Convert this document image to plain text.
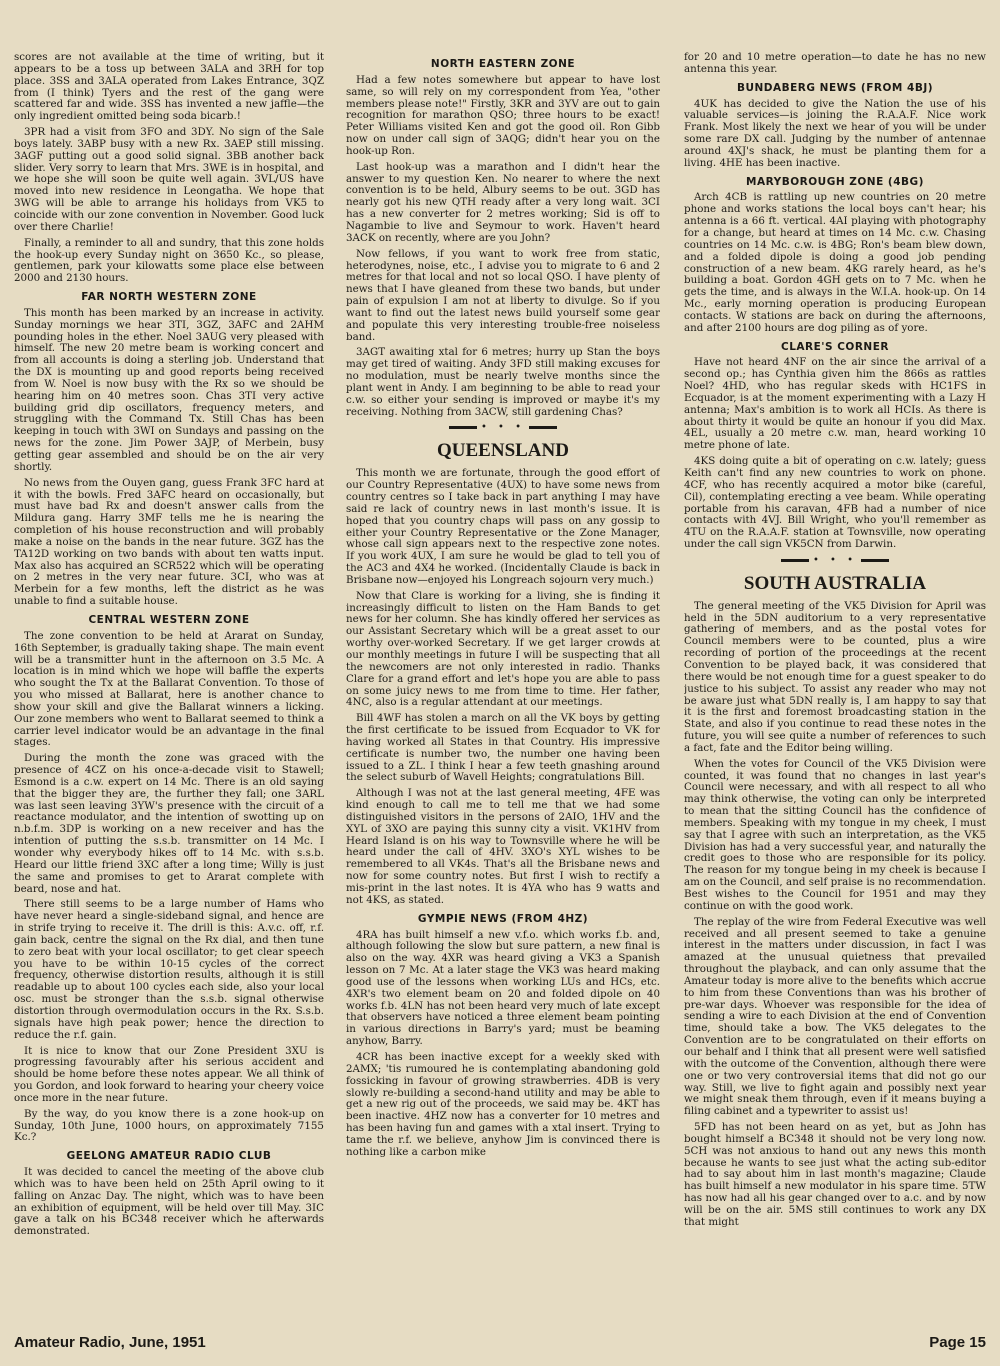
scores are not available at the time of writing, but it appears to be a toss up between 3ALA and 3RH for top place. 3SS and 3ALA operated from Lakes Entrance, 3QZ from (I think) Tyers and the rest of the gang were scattered far and wide. 3SS has invented a new jaffle—the only ingredient omitted being soda bicarb.!

3PR had a visit from 3FO and 3DY. No sign of the Sale boys lately. 3ABP busy with a new Rx. 3AEP still missing. 3AGF putting out a good solid signal. 3BB another back slider. Very sorry to learn that Mrs. 3WE is in hospital, and we hope she will soon be quite well again. 3VL/US have moved into new residence in Leongatha. We hope that 3WG will be able to arrange his holidays from VK5 to coincide with our zone convention in November. Good luck over there Charlie!

Finally, a reminder to all and sundry, that this zone holds the hook-up every Sunday night on 3650 Kc., so please, gentlemen, park your kilowatts some place else between 2000 and 2130 hours.

FAR NORTH WESTERN ZONE

This month has been marked by an increase in activity. Sunday mornings we hear 3TI, 3GZ, 3AFC and 2AHM pounding holes in the ether. Noel 3AUG very pleased with himself. The new 20 metre beam is working concert and from all accounts is doing a sterling job. Understand that the DX is mounting up and good reports being received from W. Noel is now busy with the Rx so we should be hearing him on 40 metres soon. Chas 3TI very active building grid dip oscillators, frequency meters, and struggling with the Command Tx. Still Chas has been keeping in touch with 3WI on Sundays and passing on the news for the zone. Jim Power 3AJP, of Merbein, busy getting gear assembled and should be on the air very shortly.

No news from the Ouyen gang, guess Frank 3FC hard at it with the bowls. Fred 3AFC heard on occasionally, but must have bad Rx and doesn't answer calls from the Mildura gang. Harry 3MF tells me he is nearing the completion of his house reconstruction and will probably make a noise on the bands in the near future. 3GZ has the TA12D working on two bands with about ten watts input. Max also has acquired an SCR522 which will be operating on 2 metres in the very near future. 3CI, who was at Merbein for a few months, left the district as he was unable to find a suitable house.

CENTRAL WESTERN ZONE

The zone convention to be held at Ararat on Sunday, 16th September, is gradually taking shape. The main event will be a transmitter hunt in the afternoon on 3.5 Mc. A location is in mind which we hope will baffle the experts who sought the Tx at the Ballarat Convention. To those of you who missed at Ballarat, here is another chance to show your skill and give the Ballarat winners a licking. Our zone members who went to Ballarat seemed to think a carrier level indicator would be an advantage in the final stages.

During the month the zone was graced with the presence of 4CZ on his once-a-decade visit to Stawell; Esmond is a c.w. expert on 14 Mc. There is an old saying that the bigger they are, the further they fall; one 3ARL was last seen leaving 3YW's presence with the circuit of a reactance modulator, and the intention of swotting up on n.b.f.m. 3DP is working on a new receiver and has the intention of putting the s.s.b. transmitter on 14 Mc. I wonder why everybody hikes off to 14 Mc. with s.s.b. Heard our little friend 3XC after a long time; Willy is just the same and promises to get to Ararat complete with beard, nose and hat.

There still seems to be a large number of Hams who have never heard a single-sideband signal, and hence are in strife trying to receive it. The drill is this: A.v.c. off, r.f. gain back, centre the signal on the Rx dial, and then tune to zero beat with your local oscillator; to get clear speech you have to be within 10-15 cycles of the correct frequency, otherwise distortion results, although it is still readable up to about 100 cycles each side, also your local osc. must be stronger than the s.s.b. signal otherwise distortion through overmodulation occurs in the Rx. S.s.b. signals have high peak power; hence the direction to reduce the r.f. gain.

It is nice to know that our Zone President 3XU is progressing favourably after his serious accident and should be home before these notes appear. We all think of you Gordon, and look forward to hearing your cheery voice once more in the near future.

By the way, do you know there is a zone hook-up on Sunday, 10th June, 1000 hours, on approximately 7155 Kc.?

GEELONG AMATEUR RADIO CLUB

It was decided to cancel the meeting of the above club which was to have been held on 25th April owing to it falling on Anzac Day. The night, which was to have been an exhibition of equipment, will be held over till May. 3IC gave a talk on his BC348 receiver which he afterwards demonstrated.

NORTH EASTERN ZONE

Had a few notes somewhere but appear to have lost same, so will rely on my correspondent from Yea, "other members please note!" Firstly, 3KR and 3YV are out to gain recognition for marathon QSO; three hours to be exact! Peter Williams visited Ken and got the good oil. Ron Gibb now on under call sign of 3AQG; didn't hear you on the hook-up Ron.

Last hook-up was a marathon and I didn't hear the answer to my question Ken. No nearer to where the next convention is to be held, Albury seems to be out. 3GD has nearly got his new QTH ready after a very long wait. 3CI has a new converter for 2 metres working; Sid is off to Nagambie to live and Seymour to work. Haven't heard 3ACK on recently, where are you John?

Now fellows, if you want to work free from static, heterodynes, noise, etc., I advise you to migrate to 6 and 2 metres for that local and not so local QSO. I have plenty of news that I have gleaned from these two bands, but under pain of expulsion I am not at liberty to divulge. So if you want to find out the latest news build yourself some gear and populate this very interesting trouble-free noiseless band.

3AGT awaiting xtal for 6 metres; hurry up Stan the boys may get tired of waiting. Andy 3FD still making excuses for no modulation, must be nearly twelve months since the plant went in Andy. I am beginning to be able to read your c.w. so either your sending is improved or maybe it's my receiving. Nothing from 3ACW, still gardening Chas?

• • •
QUEENSLAND

This month we are fortunate, through the good effort of our Country Representative (4UX) to have some news from country centres so I take back in part anything I may have said re lack of country news in last month's issue. It is hoped that you country chaps will pass on any gossip to either your Country Representative or the Zone Manager, whose call sign appears next to the respective zone notes. If you work 4UX, I am sure he would be glad to tell you of the AC3 and 4X4 he worked. (Incidentally Claude is back in Brisbane now—enjoyed his Longreach sojourn very much.)

Now that Clare is working for a living, she is finding it increasingly difficult to listen on the Ham Bands to get news for her column. She has kindly offered her services as our Assistant Secretary which will be a great asset to our worthy over-worked Secretary. If we get larger crowds at our monthly meetings in future I will be suspecting that all the newcomers are not only interested in radio. Thanks Clare for a grand effort and let's hope you are able to pass on some juicy news to me from time to time. Her father, 4NC, also is a regular attendant at our meetings.

Bill 4WF has stolen a march on all the VK boys by getting the first certificate to be issued from Ecquador to VK for having worked all States in that Country. His impressive certificate is number two, the number one having been issued to a ZL. I think I hear a few teeth gnashing around the select suburb of Wavell Heights; congratulations Bill.

Although I was not at the last general meeting, 4FE was kind enough to call me to tell me that we had some distinguished visitors in the persons of 2AIO, 1HV and the XYL of 3XO are paying this sunny city a visit. VK1HV from Heard Island is on his way to Townsville where he will be heard under the call of 4HV. 3XO's XYL wishes to be remembered to all VK4s. That's all the Brisbane news and now for some country notes. But first I wish to rectify a mis-print in the last notes. It is 4YA who has 9 watts and not 4KS, as stated.

GYMPIE NEWS (FROM 4HZ)

4RA has built himself a new v.f.o. which works f.b. and, although following the slow but sure pattern, a new final is also on the way. 4XR was heard giving a VK3 a Spanish lesson on 7 Mc. At a later stage the VK3 was heard making good use of the lessons when working LUs and HCs, etc. 4XR's two element beam on 20 and folded dipole on 40 works f.b. 4LN has not been heard very much of late except that observers have noticed a three element beam pointing in various directions in Barry's yard; must be beaming anyhow, Barry.

4CR has been inactive except for a weekly sked with 2AMX; 'tis rumoured he is contemplating abandoning gold fossicking in favour of growing strawberries. 4DB is very slowly re-building a second-hand utility and may be able to get a new rig out of the proceeds, we said may be. 4KT has been inactive. 4HZ now has a converter for 10 metres and has been having fun and games with a xtal insert. Trying to tame the r.f. we believe, anyhow Jim is convinced there is nothing like a carbon mike

for 20 and 10 metre operation—to date he has no new antenna this year.

BUNDABERG NEWS (FROM 4BJ)

4UK has decided to give the Nation the use of his valuable services—is joining the R.A.A.F. Nice work Frank. Most likely the next we hear of you will be under some rare DX call. Judging by the number of antennae around 4XJ's shack, he must be planting them for a living. 4HE has been inactive.

MARYBOROUGH ZONE (4BG)

Arch 4CB is rattling up new countries on 20 metre phone and works stations the local boys can't hear; his antenna is a 66 ft. vertical. 4AI playing with photography for a change, but heard at times on 14 Mc. c.w. Chasing countries on 14 Mc. c.w. is 4BG; Ron's beam blew down, and a folded dipole is doing a good job pending construction of a new beam. 4KG rarely heard, as he's building a boat. Gordon 4GH gets on to 7 Mc. when he gets the time, and is always in the W.I.A. hook-up. On 14 Mc., early morning operation is producing European contacts. W stations are back on during the afternoons, and after 2100 hours are dog piling as of yore.

CLARE'S CORNER

Have not heard 4NF on the air since the arrival of a second op.; has Cynthia given him the 866s as rattles Noel? 4HD, who has regular skeds with HC1FS in Ecquador, is at the moment experimenting with a Lazy H antenna; Max's ambition is to work all HCIs. As there is about thirty it would be quite an honour if you did Max. 4EL, usually a 20 metre c.w. man, heard working 10 metre phone of late.

4KS doing quite a bit of operating on c.w. lately; guess Keith can't find any new countries to work on phone. 4CF, who has recently acquired a motor bike (careful, Cil), contemplating erecting a vee beam. While operating portable from his caravan, 4FB had a number of nice contacts with 4VJ. Bill Wright, who you'll remember as 4TU on the R.A.A.F. station at Townsville, now operating under the call sign VK5CN from Darwin.

• • •
SOUTH AUSTRALIA

The general meeting of the VK5 Division for April was held in the 5DN auditorium to a very representative gathering of members, and as the postal votes for Council members were to be counted, plus a wire recording of portion of the proceedings at the recent Convention to be played back, it was considered that there would be not enough time for a guest speaker to do justice to his subject. To assist any reader who may not be aware just what 5DN really is, I am happy to say that it is the first and foremost broadcasting station in the State, and also if you continue to read these notes in the future, you will see quite a number of references to such a fact, fate and the Editor being willing.

When the votes for Council of the VK5 Division were counted, it was found that no changes in last year's Council were necessary, and with all respect to all who may think otherwise, the voting can only be interpreted to mean that the sitting Council has the confidence of members. Speaking with my tongue in my cheek, I must say that I agree with such an interpretation, as the VK5 Division has had a very successful year, and naturally the credit goes to those who are responsible for its policy. The reason for my tongue being in my cheek is because I am on the Council, and self praise is no recommendation. Best wishes to the Council for 1951 and may they continue on with the good work.

The replay of the wire from Federal Executive was well received and all present seemed to take a genuine interest in the matters under discussion, in fact I was amazed at the unusual quietness that prevailed throughout the playback, and can only assume that the Amateur today is more alive to the benefits which accrue to him from these Conventions than was his brother of pre-war days. Whoever was responsible for the idea of sending a wire to each Division at the end of Convention time, should take a bow. The VK5 delegates to the Convention are to be congratulated on their efforts on our behalf and I think that all present were well satisfied with the outcome of the Convention, although there were one or two very controversial items that did not go our way. Still, we live to fight again and possibly next year we might sneak them through, even if it means buying a filing cabinet and a typewriter to assist us!

5FD has not been heard on as yet, but as John has bought himself a BC348 it should not be very long now. 5CH was not anxious to hand out any news this month because he wants to see just what the acting sub-editor had to say about him in last month's magazine; Claude has built himself a new modulator in his spare time. 5TW has now had all his gear changed over to a.c. and by now will be on the air. 5MS still continues to work any DX that might

Amateur Radio, June, 1951	Page 15
